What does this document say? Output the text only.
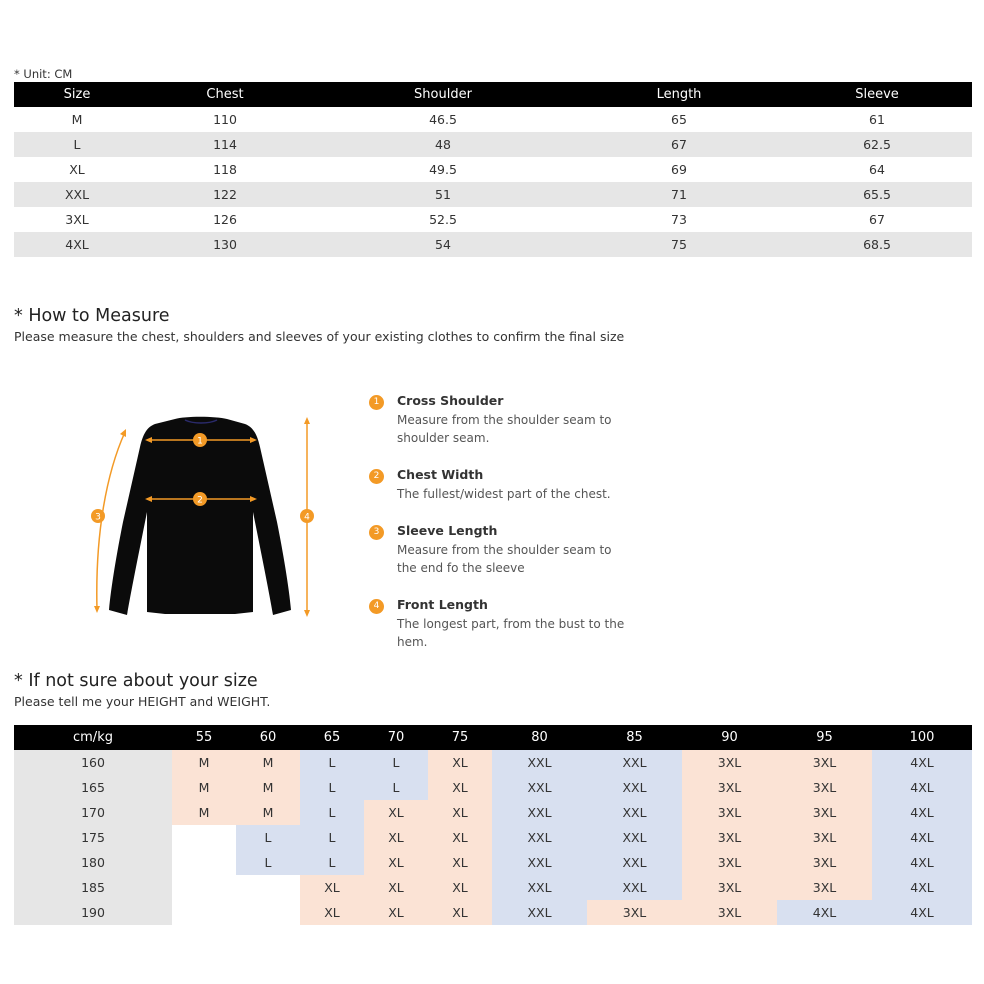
* Unit: CM
Size	Chest	Shoulder	Length	Sleeve
M	110	46.5	65	61
L	114	48	67	62.5
XL	118	49.5	69	64
XXL	122	51	71	65.5
3XL	126	52.5	73	67
4XL	130	54	75	68.5
* How to Measure
Please measure the chest, shoulders and sleeves of your existing clothes to confirm the final size
1
2
3	4
1	Cross Shoulder
Measure from the shoulder seam to shoulder seam.
2	Chest Width
The fullest/widest part of the chest.
3	Sleeve Length
Measure from the shoulder seam to the end fo the sleeve
4	Front Length
The longest part, from the bust to the hem.
* If not sure about your size
Please tell me your HEIGHT and WEIGHT.
cm/kg	55	60	65	70	75	80	85	90	95	100
160	M	M	L	L	XL	XXL	XXL	3XL	3XL	4XL
165	M	M	L	L	XL	XXL	XXL	3XL	3XL	4XL
170	M	M	L	XL	XL	XXL	XXL	3XL	3XL	4XL
175		L	L	XL	XL	XXL	XXL	3XL	3XL	4XL
180		L	L	XL	XL	XXL	XXL	3XL	3XL	4XL
185			XL	XL	XL	XXL	XXL	3XL	3XL	4XL
190			XL	XL	XL	XXL	3XL	3XL	4XL	4XL
